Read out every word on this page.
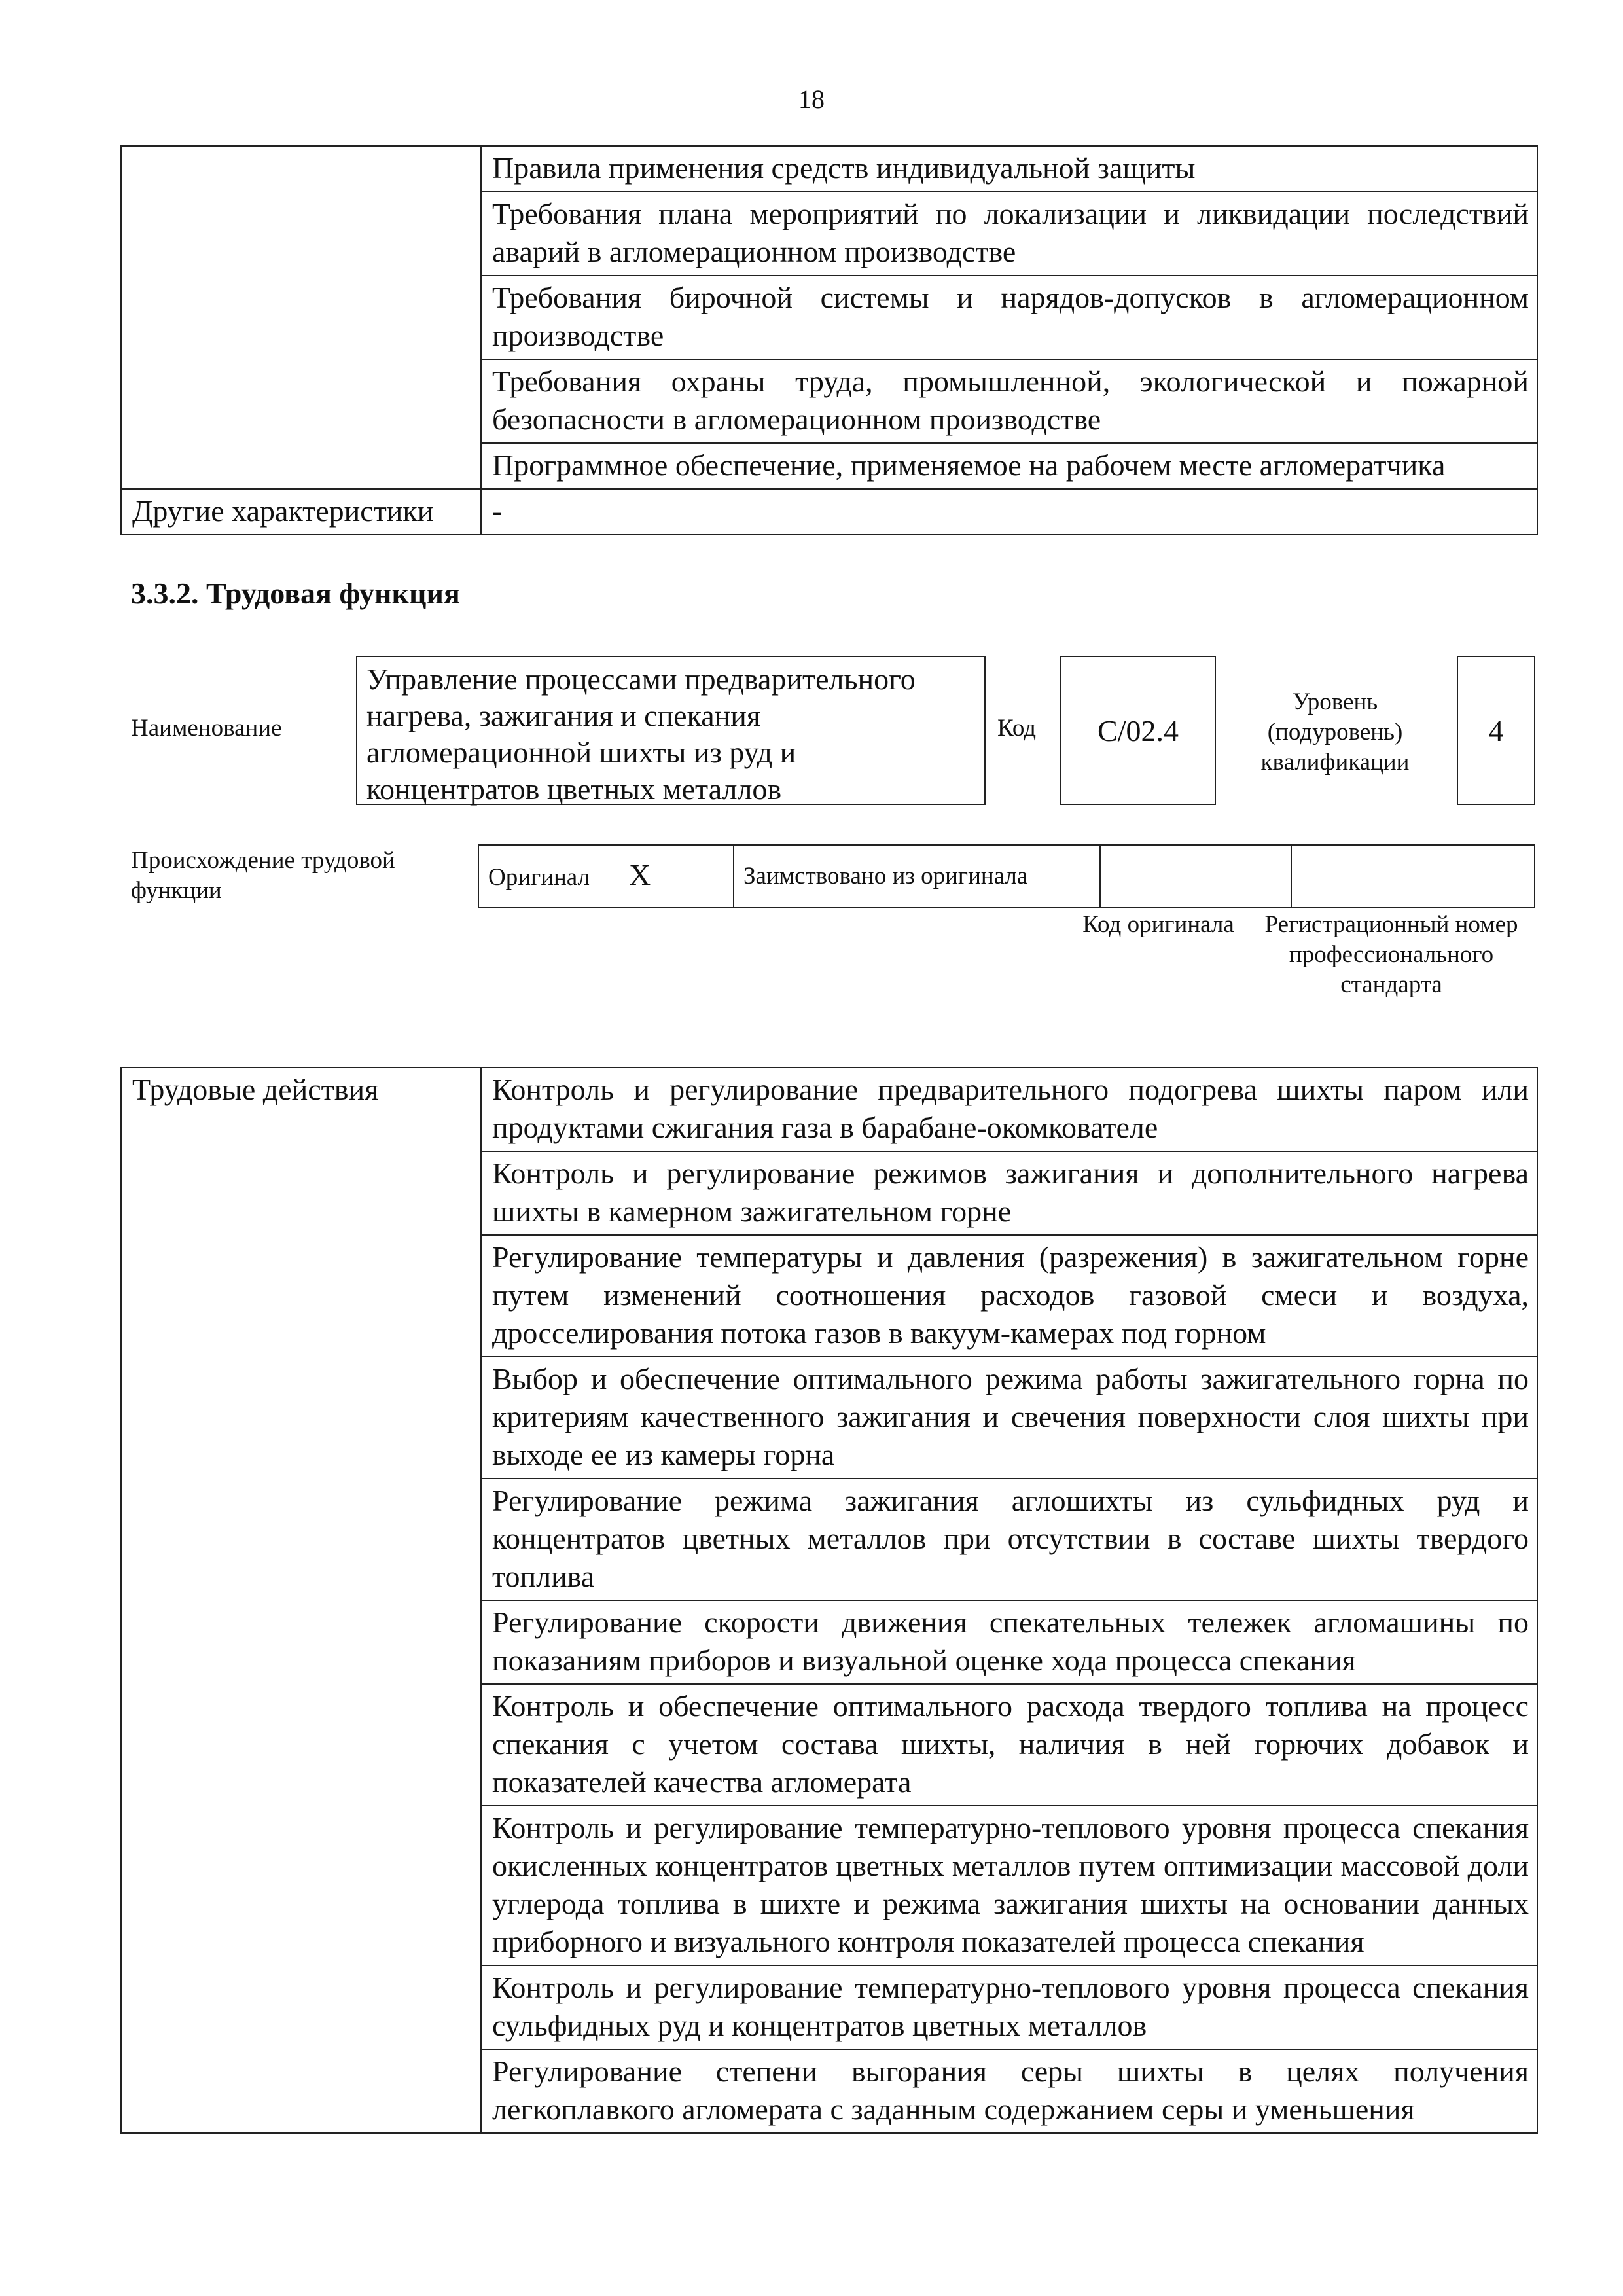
18
	Правила применения средств индивидуальной защиты
	Требования плана мероприятий по локализации и ликвидации последствий аварий в агломерационном производстве
	Требования бирочной системы и нарядов-допусков в агломерационном производстве
	Требования охраны труда, промышленной, экологической и пожарной безопасности в агломерационном производстве
	Программное обеспечение, применяемое на рабочем месте агломератчика
Другие характеристики	-
3.3.2. Трудовая функция
Наименование
Управление процессами предварительного нагрева, зажигания и спекания агломерационной шихты из руд и концентратов цветных металлов
Код	C/02.4
Уровень (подуровень) квалификации
4
Происхождение трудовой функции	Оригинал X	Заимствовано из оригинала		
Код оригинала	Регистрационный номер профессионального стандарта
Трудовые действия	Контроль и регулирование предварительного подогрева шихты паром или продуктами сжигания газа в барабане-окомкователе
Контроль и регулирование режимов зажигания и дополнительного нагрева шихты в камерном зажигательном горне
Регулирование температуры и давления (разрежения) в зажигательном горне путем изменений соотношения расходов газовой смеси и воздуха, дросселирования потока газов в вакуум-камерах под горном
Выбор и обеспечение оптимального режима работы зажигательного горна по критериям качественного зажигания и свечения поверхности слоя шихты при выходе ее из камеры горна
Регулирование режима зажигания аглошихты из сульфидных руд и концентратов цветных металлов при отсутствии в составе шихты твердого топлива
Регулирование скорости движения спекательных тележек агломашины по показаниям приборов и визуальной оценке хода процесса спекания
Контроль и обеспечение оптимального расхода твердого топлива на процесс спекания с учетом состава шихты, наличия в ней горючих добавок и показателей качества агломерата
Контроль и регулирование температурно-теплового уровня процесса спекания окисленных концентратов цветных металлов путем оптимизации массовой доли углерода топлива в шихте и режима зажигания шихты на основании данных приборного и визуального контроля показателей процесса спекания
Контроль и регулирование температурно-теплового уровня процесса спекания сульфидных руд и концентратов цветных металлов
Регулирование степени выгорания серы шихты в целях получения легкоплавкого агломерата с заданным содержанием серы и уменьшения
